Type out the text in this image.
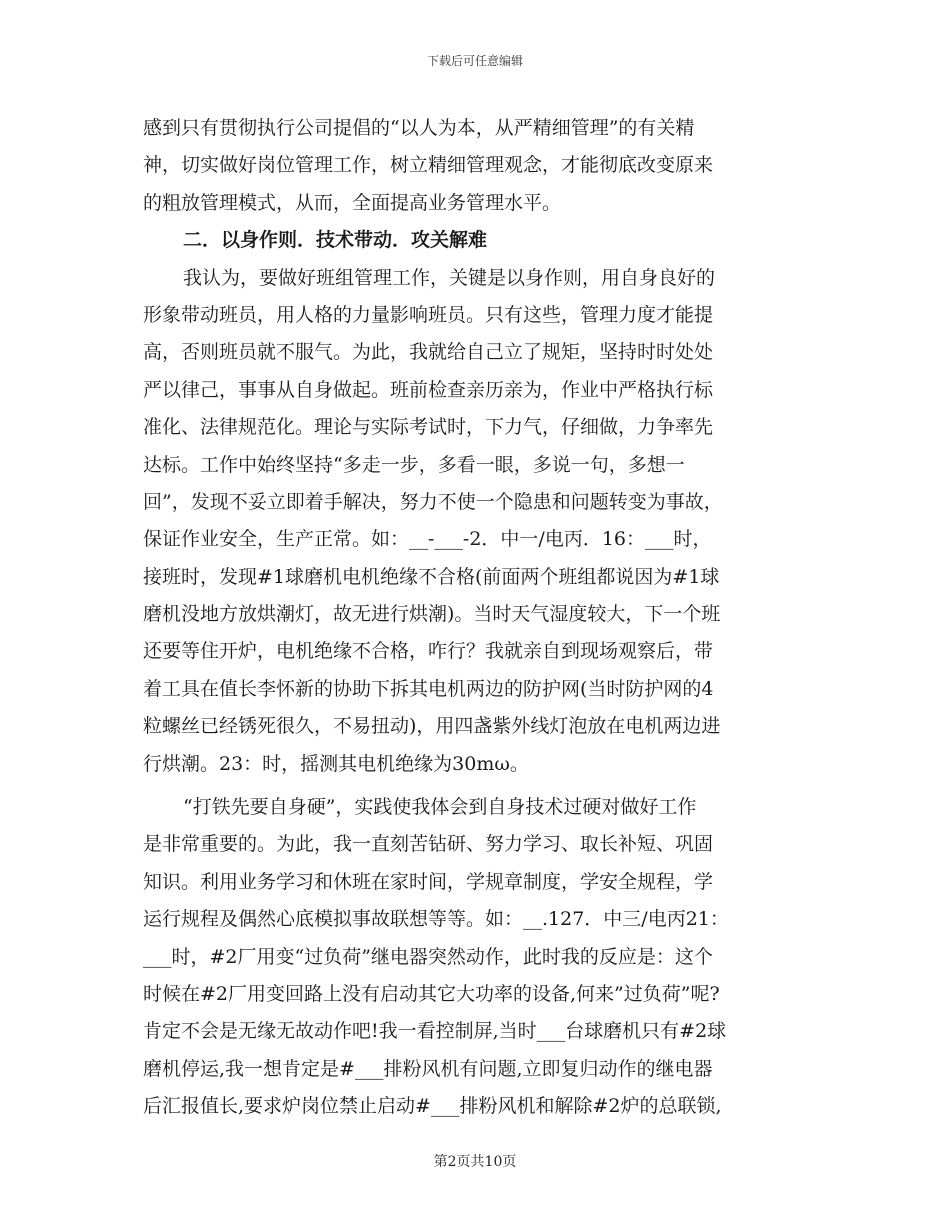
下载后可任意编辑
感到只有贯彻执行公司提倡的“以人为本，从严精细管理”的有关精
神，切实做好岗位管理工作，树立精细管理观念，才能彻底改变原来
的粗放管理模式，从而，全面提高业务管理水平。
二．以身作则．技术带动．攻关解难
我认为，要做好班组管理工作，关键是以身作则，用自身良好的
形象带动班员，用人格的力量影响班员。只有这些，管理力度才能提
高，否则班员就不服气。为此，我就给自己立了规矩，坚持时时处处
严以律己，事事从自身做起。班前检查亲历亲为，作业中严格执行标
准化、法律规范化。理论与实际考试时，下力气，仔细做，力争率先
达标。工作中始终坚持“多走一步，多看一眼，多说一句，多想一
回”，发现不妥立即着手解决，努力不使一个隐患和问题转变为事故，
保证作业安全，生产正常。如：__-___-2．中一/电丙．16：___时，
接班时，发现#1球磨机电机绝缘不合格(前面两个班组都说因为#1球
磨机没地方放烘潮灯，故无进行烘潮)。当时天气湿度较大，下一个班
还要等住开炉，电机绝缘不合格，咋行？我就亲自到现场观察后，带
着工具在值长李怀新的协助下拆其电机两边的防护网(当时防护网的4
粒螺丝已经锈死很久，不易扭动)，用四盏紫外线灯泡放在电机两边进
行烘潮。23：时，摇测其电机绝缘为30mω。
“打铁先要自身硬”，实践使我体会到自身技术过硬对做好工作
是非常重要的。为此，我一直刻苦钻研、努力学习、取长补短、巩固
知识。利用业务学习和休班在家时间，学规章制度，学安全规程，学
运行规程及偶然心底模拟事故联想等等。如：__.127．中三/电丙21：
___时，#2厂用变“过负荷”继电器突然动作，此时我的反应是：这个
时候在#2厂用变回路上没有启动其它大功率的设备,何来”过负荷”呢?
肯定不会是无缘无故动作吧!我一看控制屏,当时___台球磨机只有#2球
磨机停运,我一想肯定是#___排粉风机有问题,立即复归动作的继电器
后汇报值长,要求炉岗位禁止启动#___排粉风机和解除#2炉的总联锁,
第2页共10页
